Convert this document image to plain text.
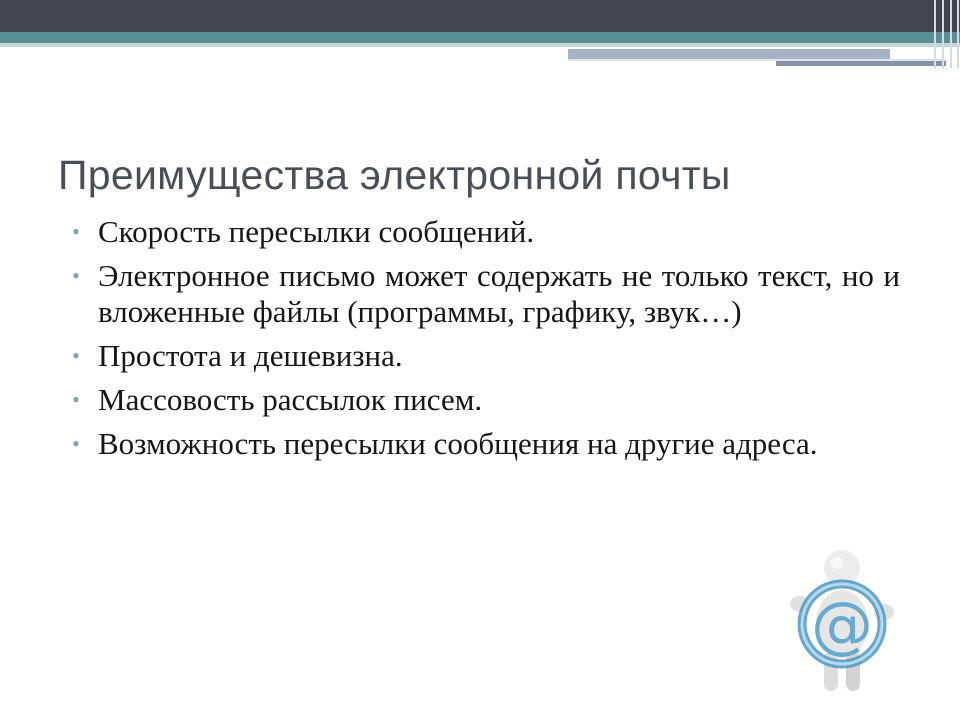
Преимущества электронной почты
• Скорость пересылки сообщений.
• Электронное письмо может содержать не только текст, но и вложенные файлы (программы, графику, звук…)
• Простота и дешевизна.
• Массовость рассылок писем.
• Возможность пересылки сообщения на другие адреса.
@
